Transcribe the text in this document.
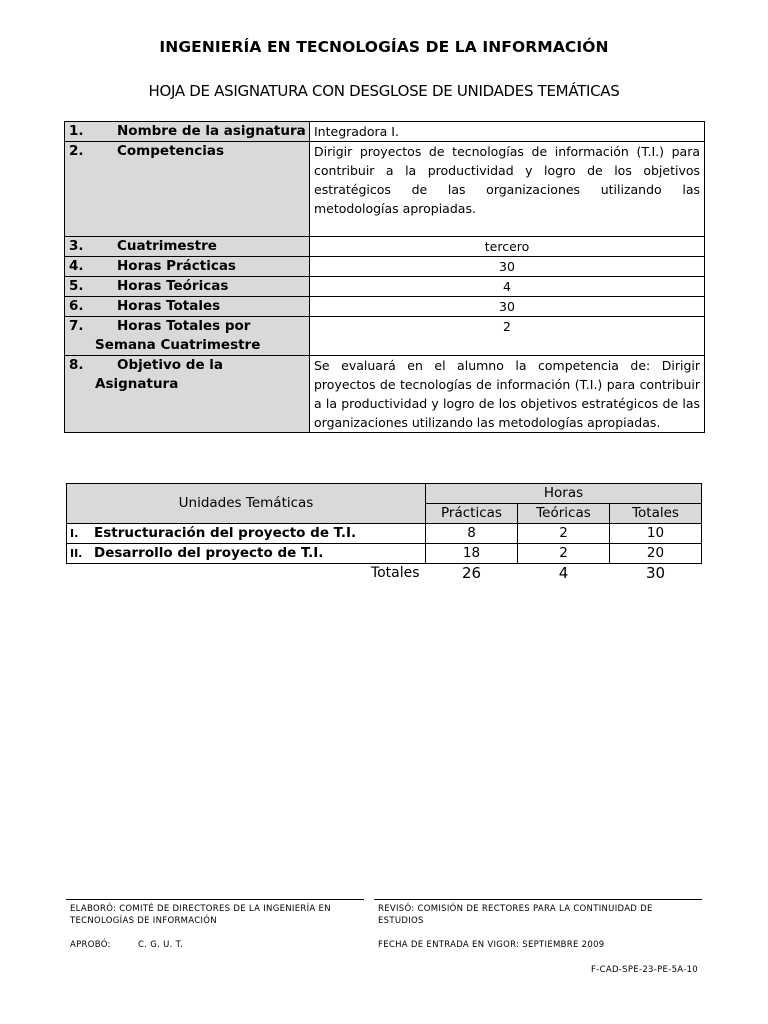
INGENIERÍA EN TECNOLOGÍAS DE LA INFORMACIÓN
HOJA DE ASIGNATURA CON DESGLOSE DE UNIDADES TEMÁTICAS
1. Nombre de la asignatura	Integradora I.
2. Competencias	Dirigir proyectos de tecnologías de información (T.I.) para contribuir a la productividad y logro de los objetivos estratégicos de las organizaciones utilizando las metodologías apropiadas.
3. Cuatrimestre	tercero
4. Horas Prácticas	30
5. Horas Teóricas	4
6. Horas Totales	30
7. Horas Totales por
Semana Cuatrimestre	2
8. Objetivo de la
Asignatura	Se evaluará en el alumno la competencia de: Dirigir proyectos de tecnologías de información (T.I.) para contribuir a la productividad y logro de los objetivos estratégicos de las organizaciones utilizando las metodologías apropiadas.
Unidades Temáticas	Horas		
	Prácticas	Teóricas	Totales
I. Estructuración del proyecto de T.I.	8	2	10
II. Desarrollo del proyecto de T.I.	18	2	20
Totales	26	4	30
ELABORÓ: COMITÉ DE DIRECTORES DE LA INGENIERÍA EN TECNOLOGÍAS DE INFORMACIÓN
REVISÓ: COMISIÓN DE RECTORES PARA LA CONTINUIDAD DE ESTUDIOS
APROBÓ:	C. G. U. T.	FECHA DE ENTRADA EN VIGOR: SEPTIEMBRE 2009
F-CAD-SPE-23-PE-5A-10
